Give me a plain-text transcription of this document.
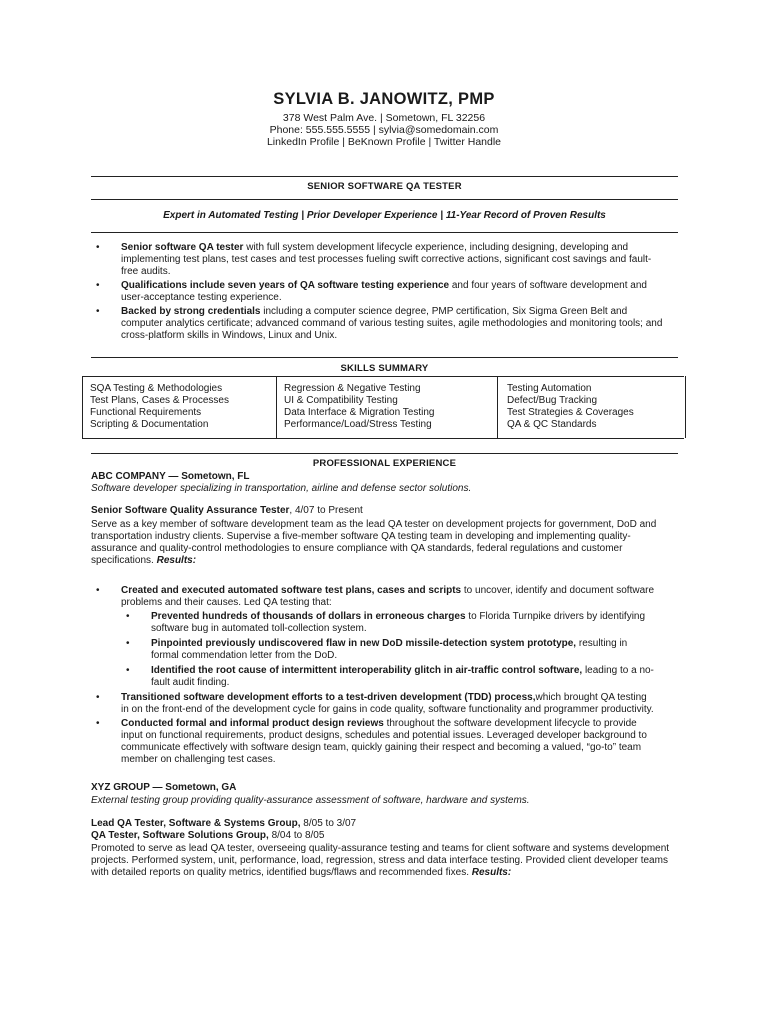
SYLVIA B. JANOWITZ, PMP
378 West Palm Ave. | Sometown, FL 32256
Phone: 555.555.5555 | sylvia@somedomain.com
LinkedIn Profile | BeKnown Profile | Twitter Handle
SENIOR SOFTWARE QA TESTER
Expert in Automated Testing | Prior Developer Experience | 11-Year Record of Proven Results
• Senior software QA tester with full system development lifecycle experience, including designing, developing and implementing test plans, test cases and test processes fueling swift corrective actions, significant cost savings and fault-free audits.
• Qualifications include seven years of QA software testing experience and four years of software development and user-acceptance testing experience.
• Backed by strong credentials including a computer science degree, PMP certification, Six Sigma Green Belt and computer analytics certificate; advanced command of various testing suites, agile methodologies and monitoring tools; and cross-platform skills in Windows, Linux and Unix.
SKILLS SUMMARY
SQA Testing & Methodologies
Test Plans, Cases & Processes
Functional Requirements
Scripting & Documentation
Regression & Negative Testing
UI & Compatibility Testing
Data Interface & Migration Testing
Performance/Load/Stress Testing
Testing Automation
Defect/Bug Tracking
Test Strategies & Coverages
QA & QC Standards
PROFESSIONAL EXPERIENCE
ABC COMPANY — Sometown, FL
Software developer specializing in transportation, airline and defense sector solutions.
Senior Software Quality Assurance Tester, 4/07 to Present
Serve as a key member of software development team as the lead QA tester on development projects for government, DoD and transportation industry clients. Supervise a five-member software QA testing team in developing and implementing quality-assurance and quality-control methodologies to ensure compliance with QA standards, federal regulations and customer specifications. Results:
• Created and executed automated software test plans, cases and scripts to uncover, identify and document software problems and their causes. Led QA testing that:
• Prevented hundreds of thousands of dollars in erroneous charges to Florida Turnpike drivers by identifying software bug in automated toll-collection system.
• Pinpointed previously undiscovered flaw in new DoD missile-detection system prototype, resulting in formal commendation letter from the DoD.
• Identified the root cause of intermittent interoperability glitch in air-traffic control software, leading to a no-fault audit finding.
• Transitioned software development efforts to a test-driven development (TDD) process,which brought QA testing in on the front-end of the development cycle for gains in code quality, software functionality and programmer productivity.
• Conducted formal and informal product design reviews throughout the software development lifecycle to provide input on functional requirements, product designs, schedules and potential issues. Leveraged developer background to communicate effectively with software design team, quickly gaining their respect and becoming a valued, “go-to” team member on challenging test cases.
XYZ GROUP — Sometown, GA
External testing group providing quality-assurance assessment of software, hardware and systems.
Lead QA Tester, Software & Systems Group, 8/05 to 3/07
QA Tester, Software Solutions Group, 8/04 to 8/05
Promoted to serve as lead QA tester, overseeing quality-assurance testing and teams for client software and systems development projects. Performed system, unit, performance, load, regression, stress and data interface testing. Provided client developer teams with detailed reports on quality metrics, identified bugs/flaws and recommended fixes. Results:
